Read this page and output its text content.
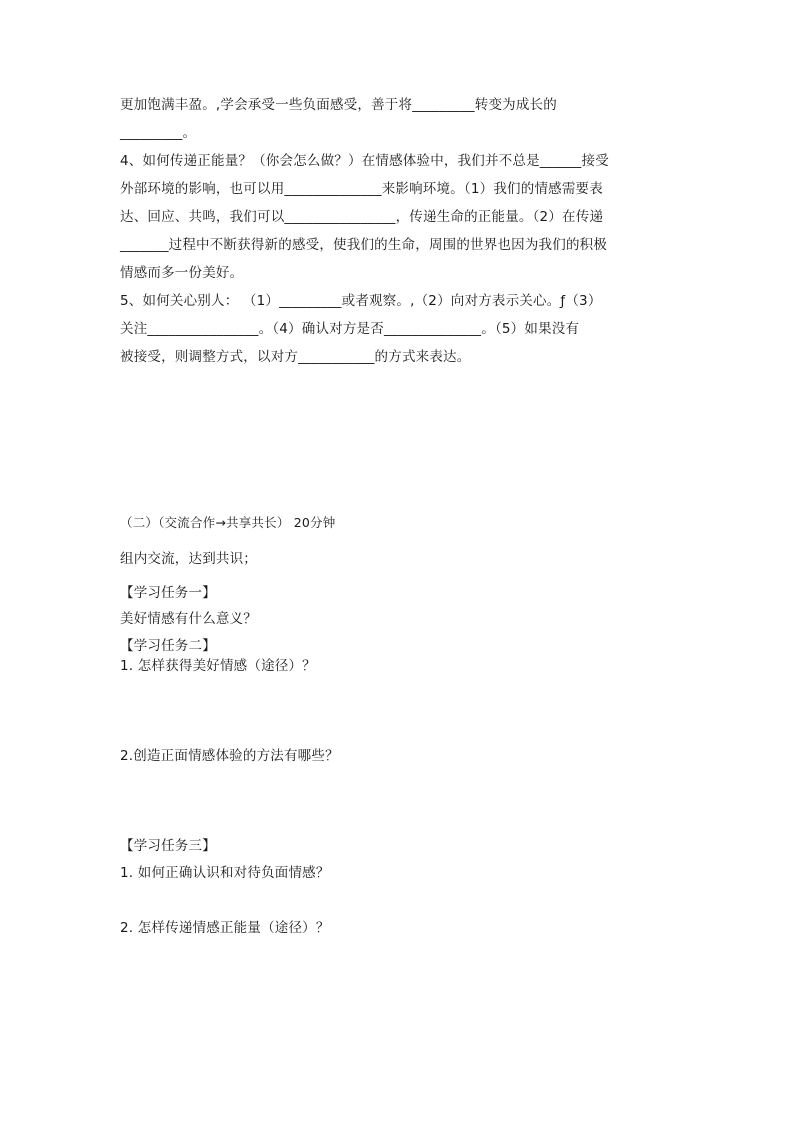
更加饱满丰盈。,学会承受一些负面感受，善于将_________转变为成长的
_________。
4、如何传递正能量？（你会怎么做？）在情感体验中，我们并不总是______接受
外部环境的影响，也可以用______________来影响环境。（1）我们的情感需要表
达、回应、共鸣，我们可以________________，传递生命的正能量。（2）在传递
_______过程中不断获得新的感受，使我们的生命，周围的世界也因为我们的积极
情感而多一份美好。
5、如何关心别人： （1）_________或者观察。,（2）向对方表示关心。ƒ（3）
关注________________。（4）确认对方是否______________。（5）如果没有
被接受，则调整方式，以对方___________的方式来表达。
（二）（交流合作→共享共长） 20分钟
组内交流，达到共识；
【学习任务一】
美好情感有什么意义？
【学习任务二】
1. 怎样获得美好情感（途径）？
2.创造正面情感体验的方法有哪些？
【学习任务三】
1. 如何正确认识和对待负面情感？
2. 怎样传递情感正能量（途径）？
